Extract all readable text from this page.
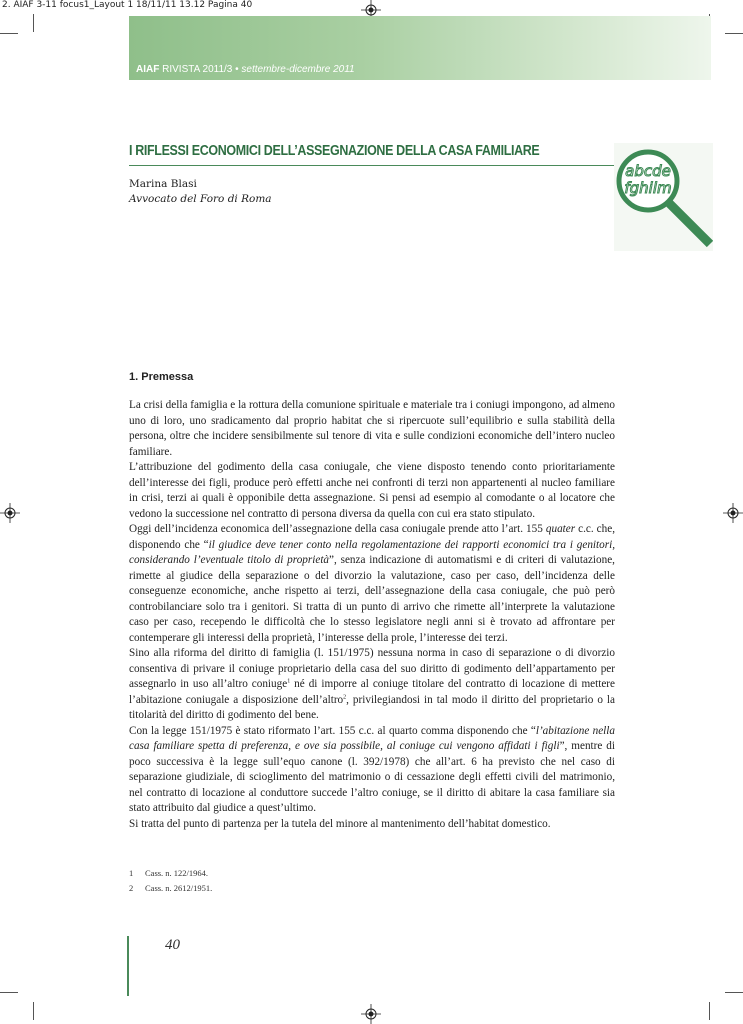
2. AIAF 3-11 focus1_Layout 1 18/11/11 13.12 Pagina 40
AIAF RIVISTA 2011/3 • settembre-dicembre 2011
I RIFLESSI ECONOMICI DELL’ASSEGNAZIONE DELLA CASA FAMILIARE
Marina Blasi
Avvocato del Foro di Roma
abcde
fghilm
1. Premessa

La crisi della famiglia e la rottura della comunione spirituale e materiale tra i coniugi impongono, ad almeno uno di loro, uno sradicamento dal proprio habitat che si ripercuote sull’equilibrio e sulla stabilità della persona, oltre che incidere sensibilmente sul tenore di vita e sulle condizioni economiche dell’intero nucleo familiare.

L’attribuzione del godimento della casa coniugale, che viene disposto tenendo conto prioritariamente dell’interesse dei figli, produce però effetti anche nei confronti di terzi non appartenenti al nucleo familiare in crisi, terzi ai quali è opponibile detta assegnazione. Si pensi ad esempio al comodante o al locatore che vedono la successione nel contratto di persona diversa da quella con cui era stato stipulato.

Oggi dell’incidenza economica dell’assegnazione della casa coniugale prende atto l’art. 155 quater c.c. che, disponendo che “il giudice deve tener conto nella regolamentazione dei rapporti economici tra i genitori, considerando l’eventuale titolo di proprietà”, senza indicazione di automatismi e di criteri di valutazione, rimette al giudice della separazione o del divorzio la valutazione, caso per caso, dell’incidenza delle conseguenze economiche, anche rispetto ai terzi, dell’assegnazione della casa coniugale, che può però controbilanciare solo tra i genitori. Si tratta di un punto di arrivo che rimette all’interprete la valutazione caso per caso, recependo le difficoltà che lo stesso legislatore negli anni si è trovato ad affrontare per contemperare gli interessi della proprietà, l’interesse della prole, l’interesse dei terzi.

Sino alla riforma del diritto di famiglia (l. 151/1975) nessuna norma in caso di separazione o di divorzio consentiva di privare il coniuge proprietario della casa del suo diritto di godimento dell’appartamento per assegnarlo in uso all’altro coniuge$^1$ né di imporre al coniuge titolare del contratto di locazione di mettere l’abitazione coniugale a disposizione dell’altro$^2$, privilegiandosi in tal modo il diritto del proprietario o la titolarità del diritto di godimento del bene.

Con la legge 151/1975 è stato riformato l’art. 155 c.c. al quarto comma disponendo che “l’abitazione nella casa familiare spetta di preferenza, e ove sia possibile, al coniuge cui vengono affidati i figli”, mentre di poco successiva è la legge sull’equo canone (l. 392/1978) che all’art. 6 ha previsto che nel caso di separazione giudiziale, di scioglimento del matrimonio o di cessazione degli effetti civili del matrimonio, nel contratto di locazione al conduttore succede l’altro coniuge, se il diritto di abitare la casa familiare sia stato attribuito dal giudice a quest’ultimo.

Si tratta del punto di partenza per la tutela del minore al mantenimento dell’habitat domestico.

1 Cass. n. 122/1964.
2 Cass. n. 2612/1951.
40
